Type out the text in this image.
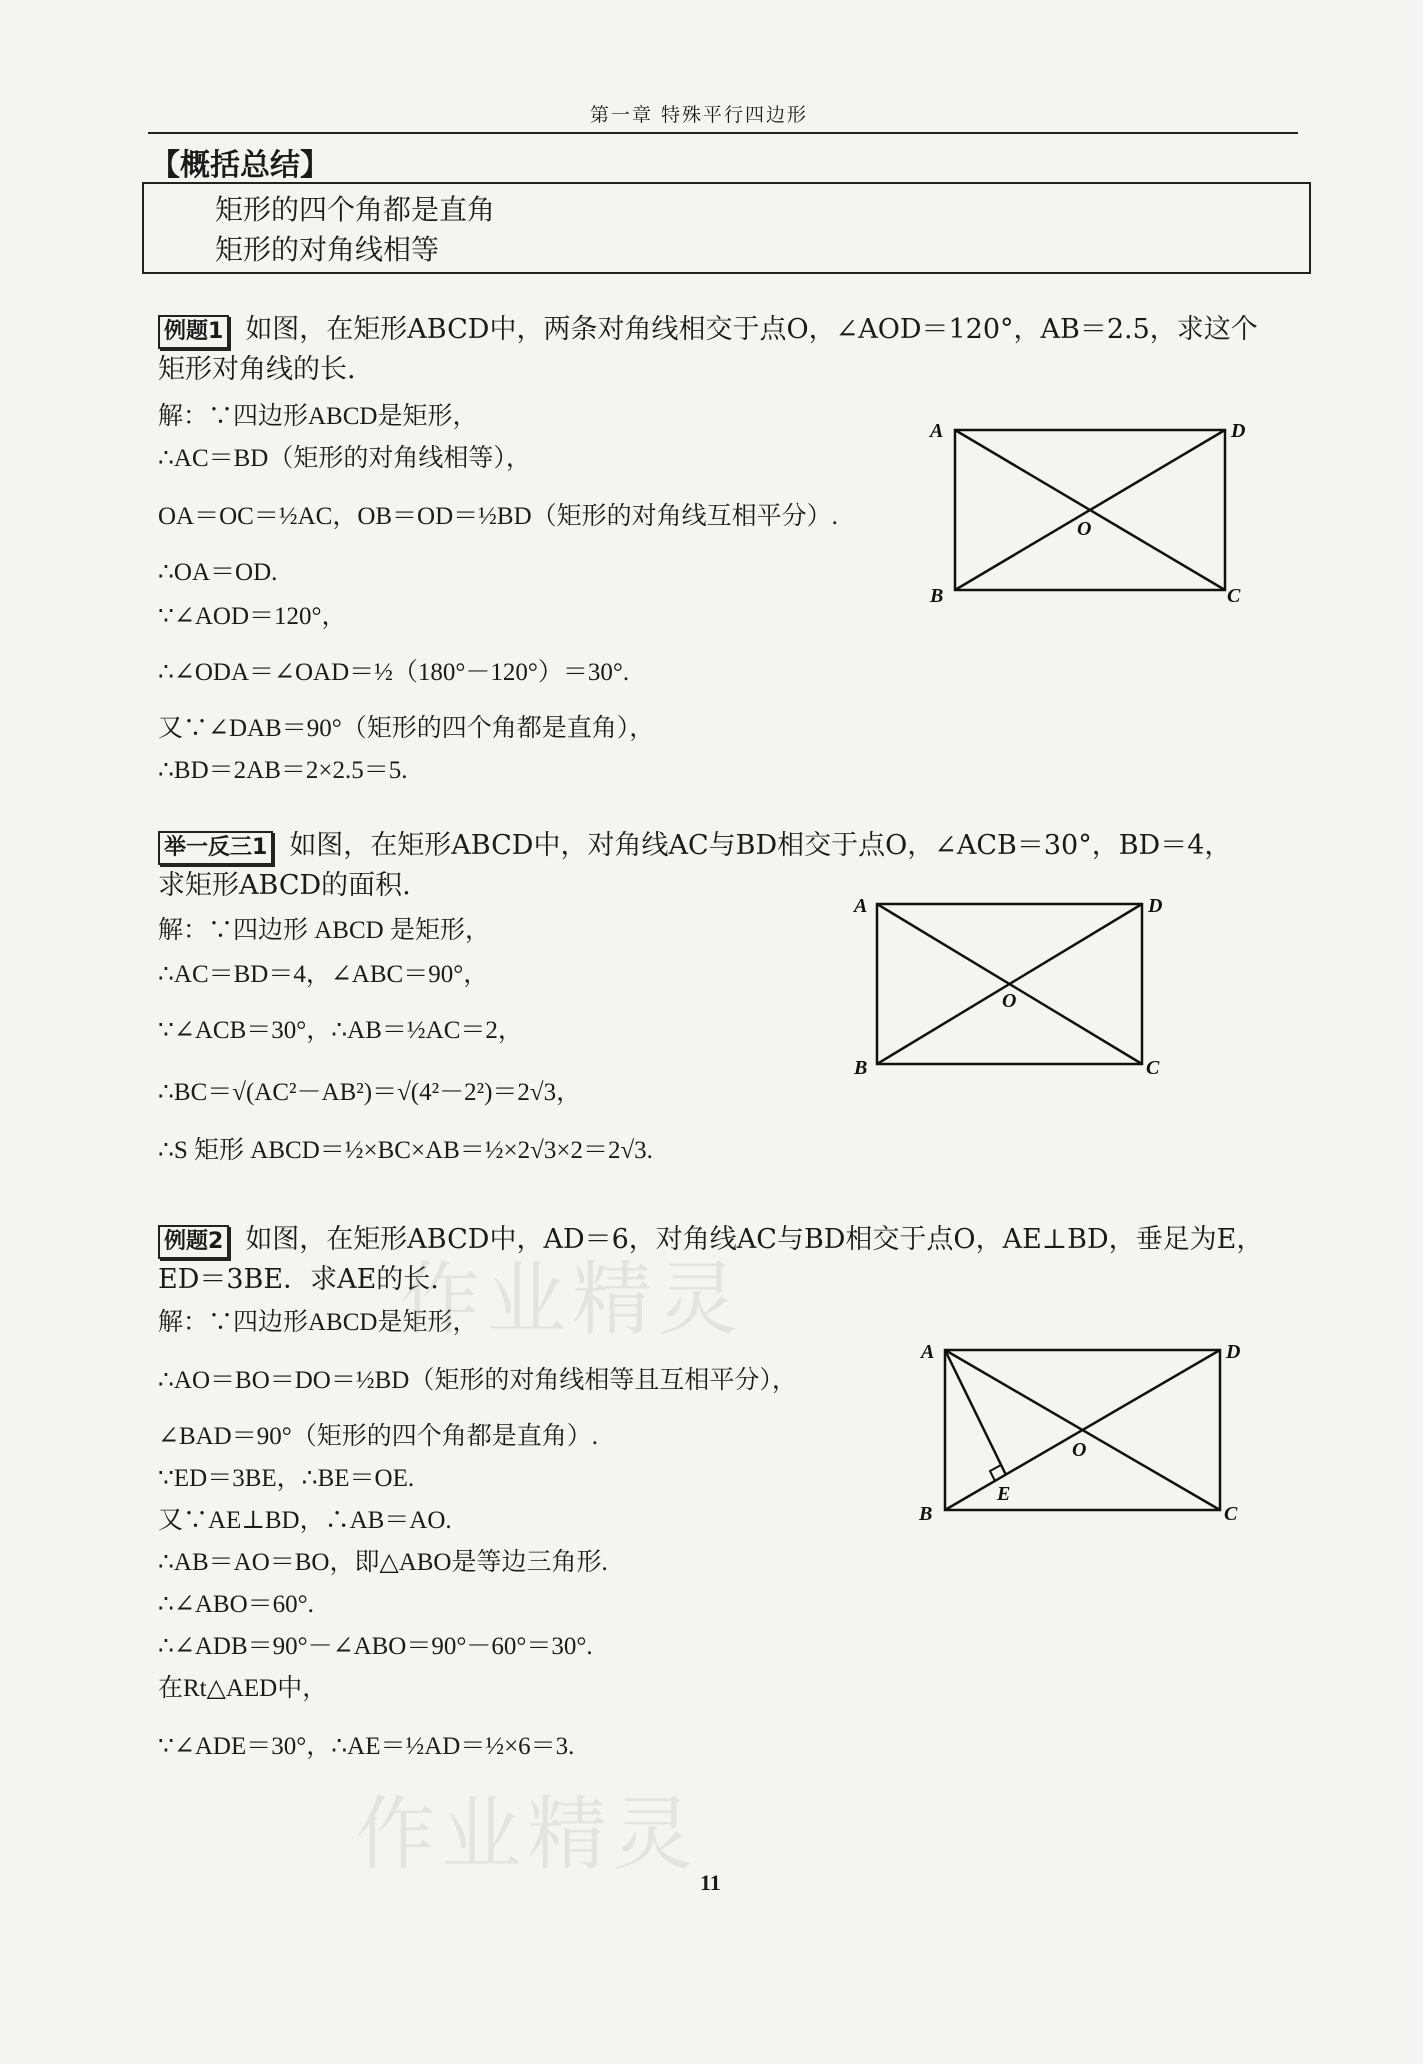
第一章 特殊平行四边形
【概括总结】
矩形的四个角都是直角
矩形的对角线相等
例题1 如图，在矩形ABCD中，两条对角线相交于点O，∠AOD＝120°，AB＝2.5，求这个
矩形对角线的长.
解：∵四边形ABCD是矩形，
∴AC＝BD（矩形的对角线相等），
OA＝OC＝½AC，OB＝OD＝½BD（矩形的对角线互相平分）.
∴OA＝OD.
∵∠AOD＝120°，
∴∠ODA＝∠OAD＝½（180°－120°）＝30°.
又∵∠DAB＝90°（矩形的四个角都是直角），
∴BD＝2AB＝2×2.5＝5.
A	D
B	C
O
举一反三1 如图，在矩形ABCD中，对角线AC与BD相交于点O，∠ACB＝30°，BD＝4，
求矩形ABCD的面积.
解：∵四边形 ABCD 是矩形，
∴AC＝BD＝4，∠ABC＝90°，
∵∠ACB＝30°，∴AB＝½AC＝2，
∴BC＝√(AC²－AB²)＝√(4²－2²)＝2√3，
∴S 矩形 ABCD＝½×BC×AB＝½×2√3×2＝2√3.
A	D
B	C
O
例题2 如图，在矩形ABCD中，AD＝6，对角线AC与BD相交于点O，AE⊥BD，垂足为E，
ED＝3BE．求AE的长.
解：∵四边形ABCD是矩形，
∴AO＝BO＝DO＝½BD（矩形的对角线相等且互相平分），
∠BAD＝90°（矩形的四个角都是直角）.
∵ED＝3BE，∴BE＝OE.
又∵AE⊥BD，∴AB＝AO.
∴AB＝AO＝BO，即△ABO是等边三角形.
∴∠ABO＝60°.
∴∠ADB＝90°－∠ABO＝90°－60°＝30°.
在Rt△AED中，
∵∠ADE＝30°，∴AE＝½AD＝½×6＝3.
A	D
B	C
O
E
作业精灵
作业精灵
11
